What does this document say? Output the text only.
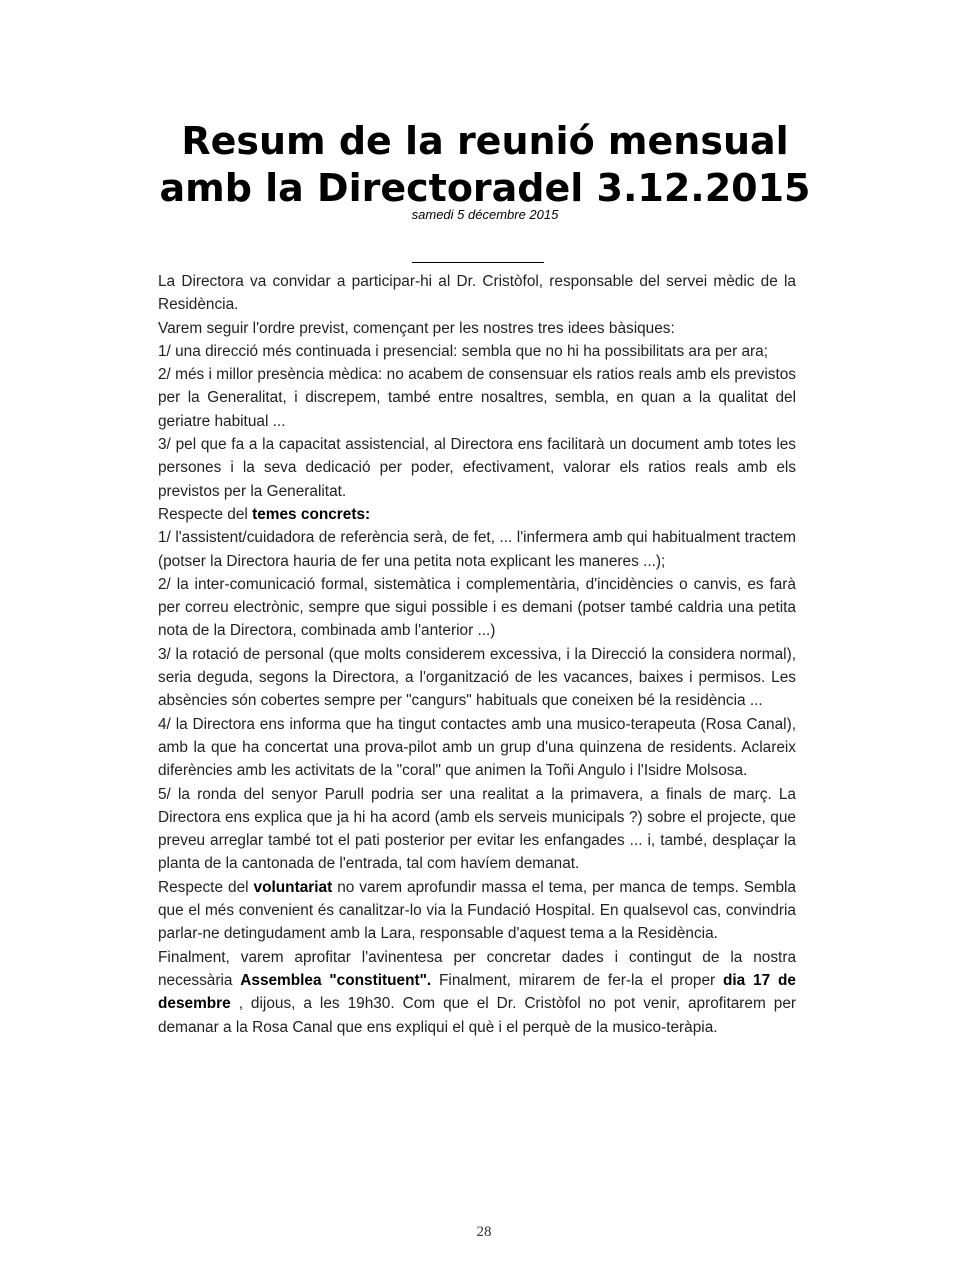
Resum de la reunió mensual
amb la Directoradel 3.12.2015
samedi 5 décembre 2015

La Directora va convidar a participar-hi al Dr. Cristòfol, responsable del servei mèdic de la Residència.

Varem seguir l'ordre previst, començant per les nostres tres idees bàsiques:

1/ una direcció més continuada i presencial: sembla que no hi ha possibilitats ara per ara;

2/ més i millor presència mèdica: no acabem de consensuar els ratios reals amb els previstos per la Generalitat, i discrepem, també entre nosaltres, sembla, en quan a la qualitat del geriatre habitual ...

3/ pel que fa a la capacitat assistencial, al Directora ens facilitarà un document amb totes les persones i la seva dedicació per poder, efectivament, valorar els ratios reals amb els previstos per la Generalitat.

Respecte del temes concrets:

1/ l'assistent/cuidadora de referència serà, de fet, ... l'infermera amb qui habitualment tractem (potser la Directora hauria de fer una petita nota explicant les maneres ...);

2/ la inter-comunicació formal, sistemàtica i complementària, d'incidències o canvis, es farà per correu electrònic, sempre que sigui possible i es demani (potser també caldria una petita nota de la Directora, combinada amb l'anterior ...)

3/ la rotació de personal (que molts considerem excessiva, i la Direcció la considera normal), seria deguda, segons la Directora, a l'organització de les vacances, baixes i permisos. Les absències són cobertes sempre per "cangurs" habituals que coneixen bé la residència ...

4/ la Directora ens informa que ha tingut contactes amb una musico-terapeuta (Rosa Canal), amb la que ha concertat una prova-pilot amb un grup d'una quinzena de residents. Aclareix diferències amb les activitats de la "coral" que animen la Toñi Angulo i l'Isidre Molsosa.

5/ la ronda del senyor Parull podria ser una realitat a la primavera, a finals de març. La Directora ens explica que ja hi ha acord (amb els serveis municipals ?) sobre el projecte, que preveu arreglar també tot el pati posterior per evitar les enfangades ... i, també, desplaçar la planta de la cantonada de l'entrada, tal com havíem demanat.

Respecte del voluntariat no varem aprofundir massa el tema, per manca de temps. Sembla que el més convenient és canalitzar-lo via la Fundació Hospital. En qualsevol cas, convindria parlar-ne detingudament amb la Lara, responsable d'aquest tema a la Residència.

Finalment, varem aprofitar l'avinentesa per concretar dades i contingut de la nostra necessària Assemblea "constituent". Finalment, mirarem de fer-la el proper dia 17 de desembre , dijous, a les 19h30. Com que el Dr. Cristòfol no pot venir, aprofitarem per demanar a la Rosa Canal que ens expliqui el què i el perquè de la musico-teràpia.

28
